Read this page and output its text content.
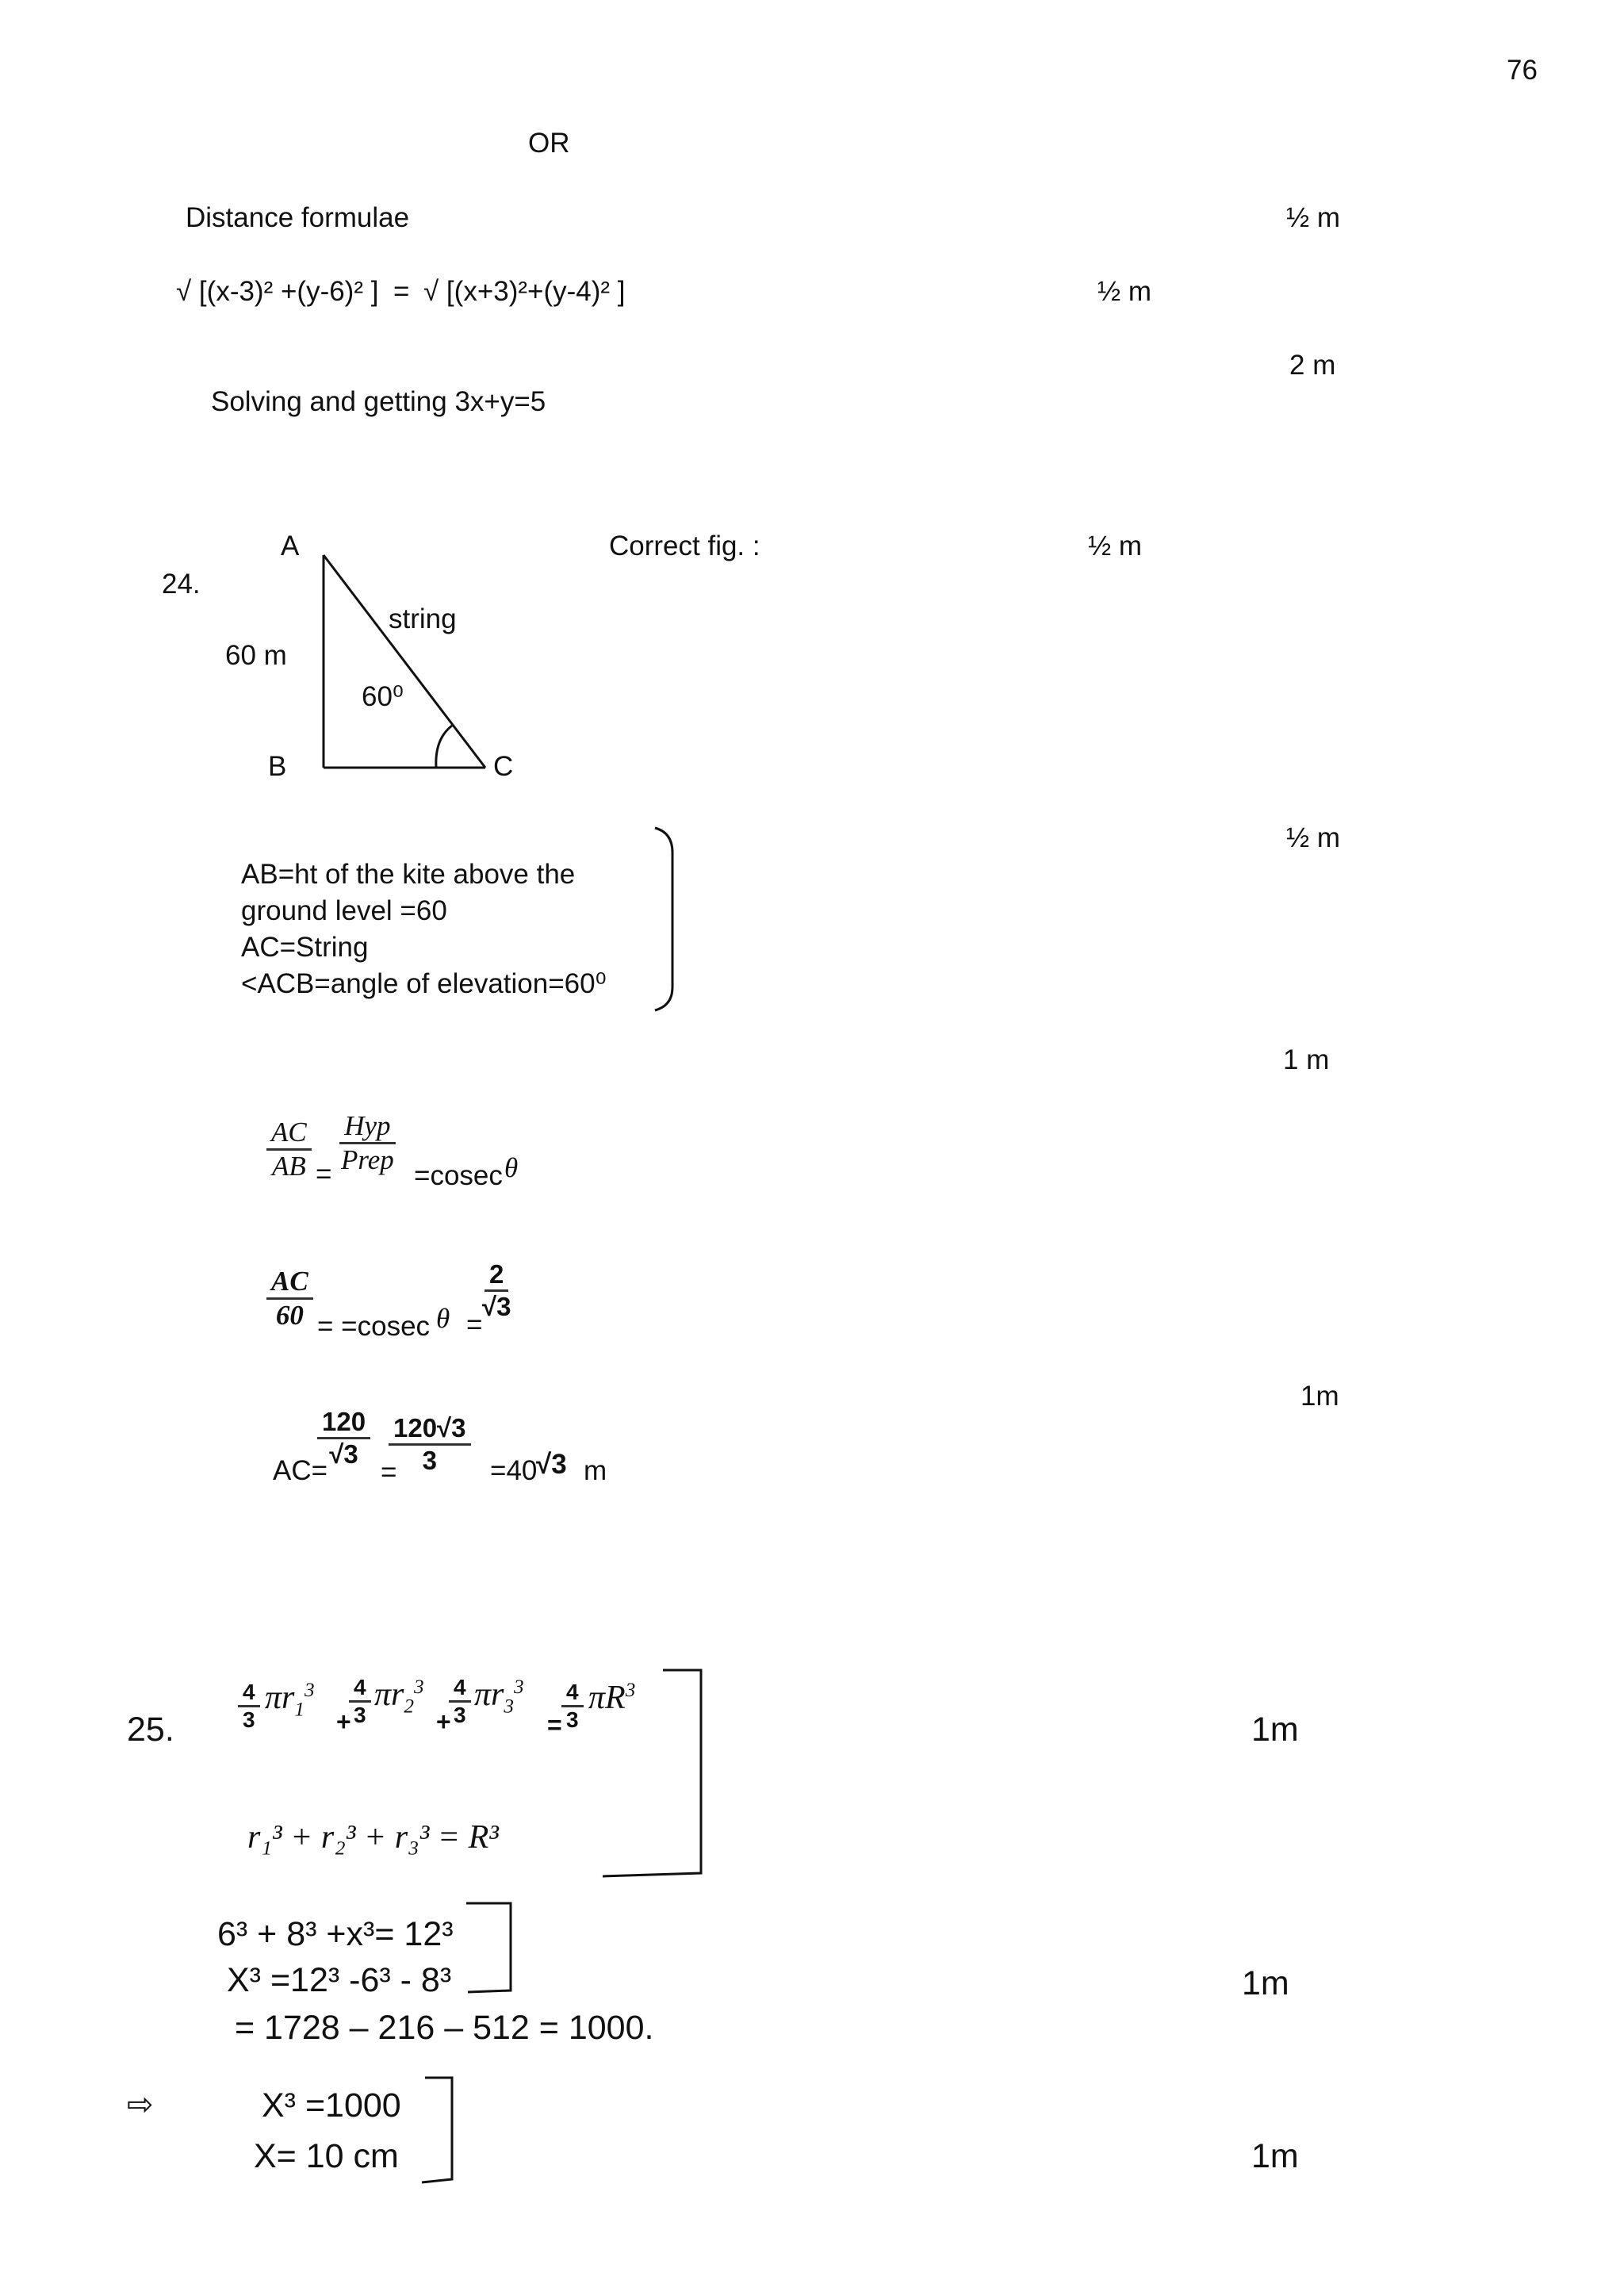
76
OR
Distance formulae	½ m
√ [(x-3)² +(y-6)² ] = √ [(x+3)²+(y-4)² ]	½ m
2 m
Solving and getting 3x+y=5
24.
A
string
60 m
60⁰
B	C
Correct fig. :	½ m
½ m
AB=ht of the kite above the
ground level =60
AC=String
<ACB=angle of elevation=60⁰
1 m
$\frac{AC}{AB}$ =
Hyp
Prep
=cosec θ
$\frac{AC}{60} = =cosec$ θ =
$\frac{2}{√3}$
1m
AC=
$\frac{120}{√3}$
=
$\frac{120√3}{3} =40$
√3 m
25.	$\frac{4}{3} \pi r_1^3$
+
$\frac{4}{3} \pi r_2^3$
+
$\frac{4}{3} \pi r_3^3$
= $\frac{4}{3} \pi R^3$
1m
r₁³ + r₂³ + r₃³ = R³
6³ + 8³ +x³= 12³
X³ =12³ -6³ - 8³
= 1728 – 216 – 512 = 1000.
1m
⇨	X³ =1000
X= 10 cm	1m
